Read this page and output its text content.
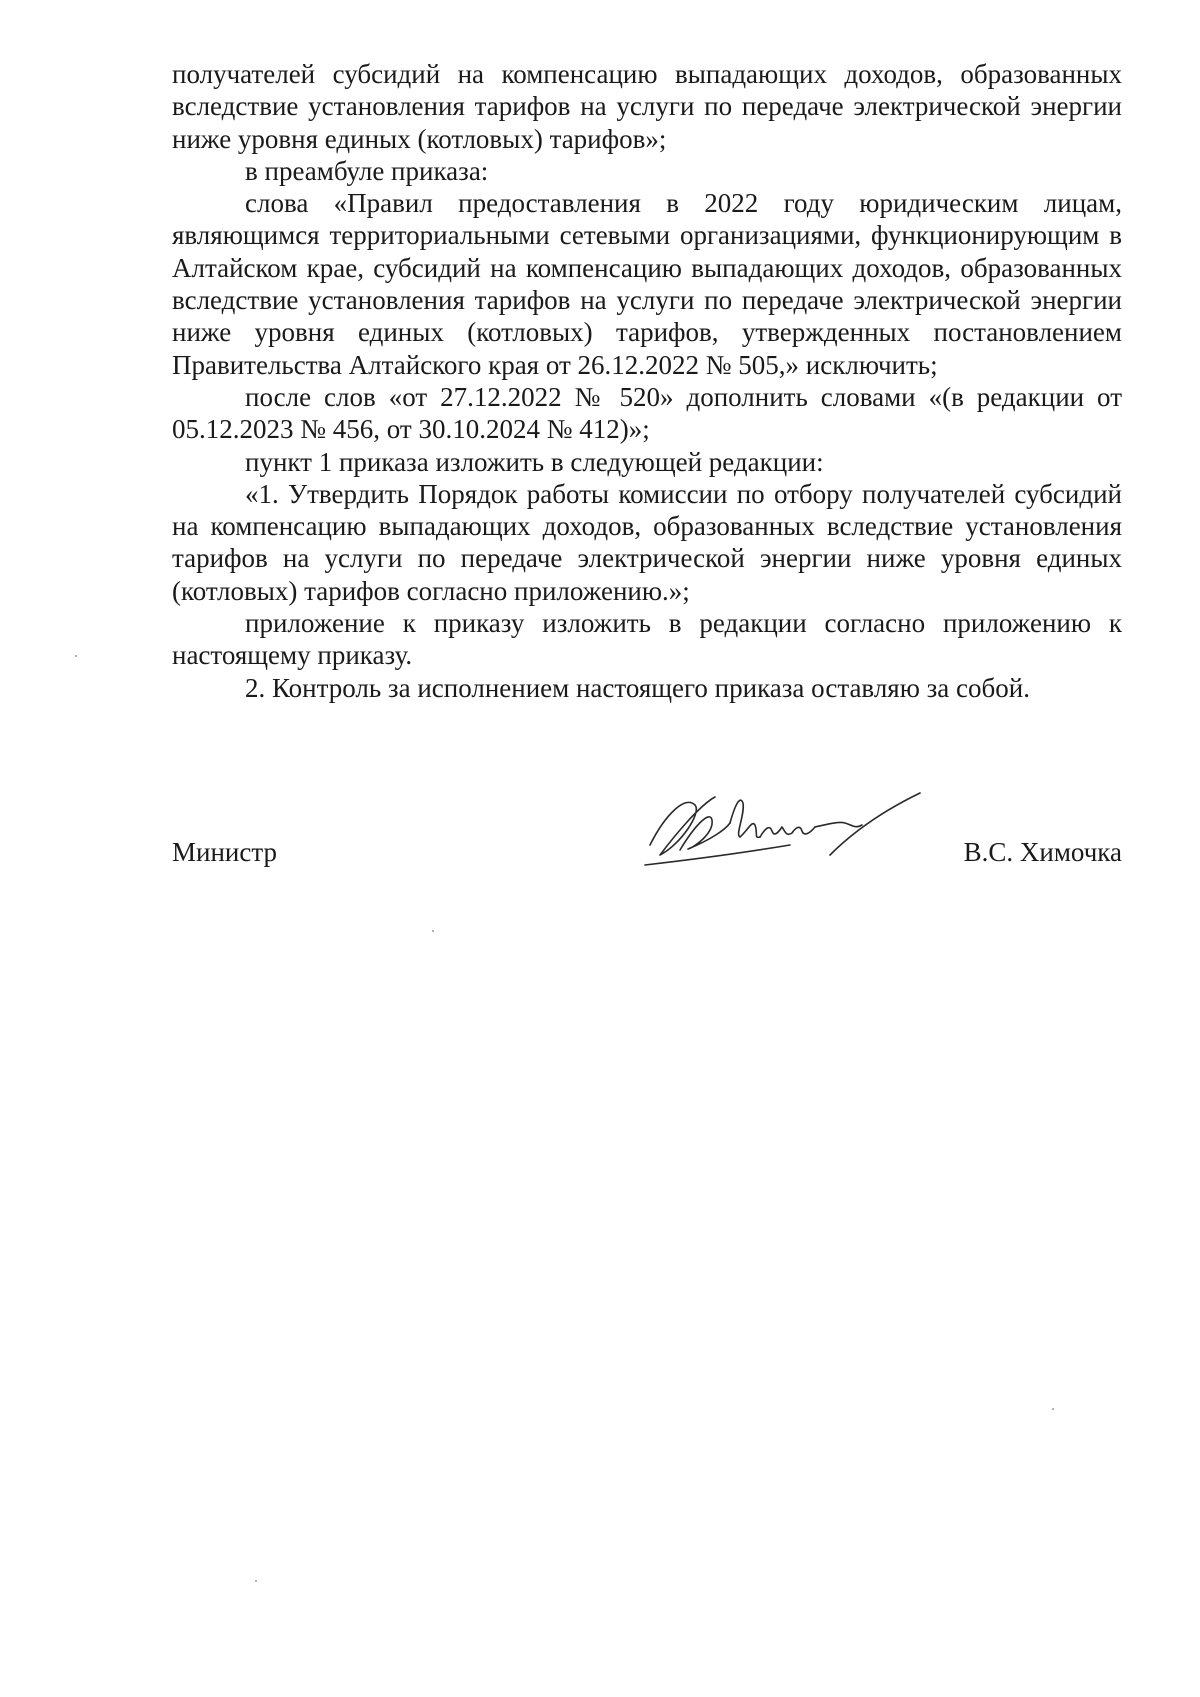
получателей субсидий на компенсацию выпадающих доходов, образованных вследствие установления тарифов на услуги по передаче электрической энергии ниже уровня единых (котловых) тарифов»;

в преамбуле приказа:

слова «Правил предоставления в 2022 году юридическим лицам, являющимся территориальными сетевыми организациями, функционирующим в Алтайском крае, субсидий на компенсацию выпадающих доходов, образованных вследствие установления тарифов на услуги по передаче электрической энергии ниже уровня единых (котловых) тарифов, утвержденных постановлением Правительства Алтайского края от 26.12.2022 № 505,» исключить;

после слов «от 27.12.2022 № 520» дополнить словами «(в редакции от 05.12.2023 № 456, от 30.10.2024 № 412)»;

пункт 1 приказа изложить в следующей редакции:

«1. Утвердить Порядок работы комиссии по отбору получателей субсидий на компенсацию выпадающих доходов, образованных вследствие установления тарифов на услуги по передаче электрической энергии ниже уровня единых (котловых) тарифов согласно приложению.»;

приложение к приказу изложить в редакции согласно приложению к настоящему приказу.

2. Контроль за исполнением настоящего приказа оставляю за собой.

Министр	В.С. Химочка
